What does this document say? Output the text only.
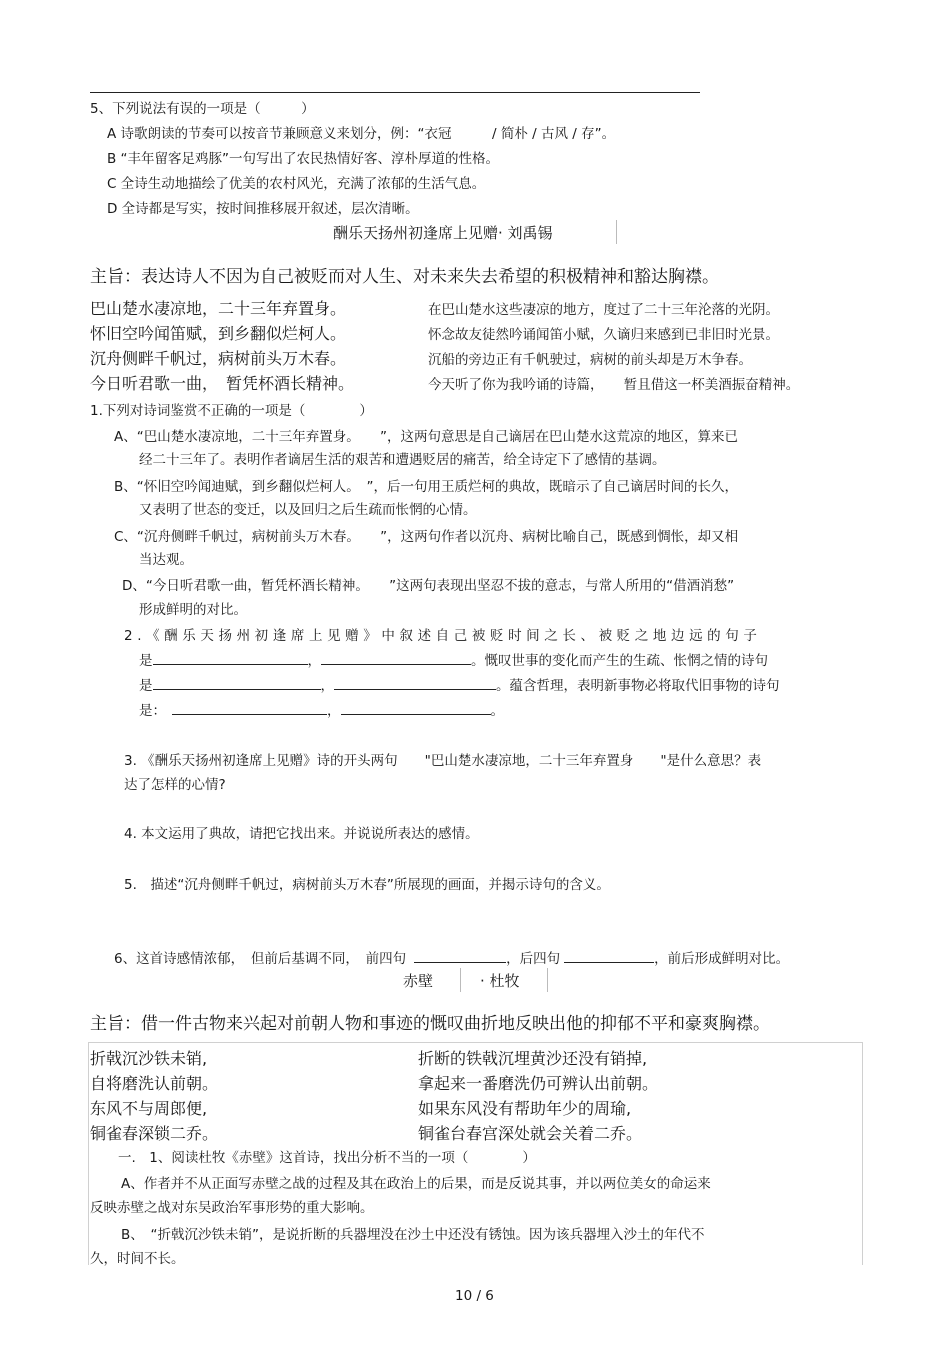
5、下列说法有误的一项是（　　　）
A 诗歌朗读的节奏可以按音节兼顾意义来划分，例：“衣冠　　　/ 简朴 / 古风 / 存”。
B “丰年留客足鸡豚”一句写出了农民热情好客、淳朴厚道的性格。
C 全诗生动地描绘了优美的农村风光，充满了浓郁的生活气息。
D 全诗都是写实，按时间推移展开叙述，层次清晰。
酬乐天扬州初逢席上见赠· 刘禹锡
主旨：表达诗人不因为自己被贬而对人生、对未来失去希望的积极精神和豁达胸襟。
巴山楚水凄凉地，二十三年弃置身。	在巴山楚水这些凄凉的地方，度过了二十三年沦落的光阴。
怀旧空吟闻笛赋，到乡翻似烂柯人。	怀念故友徒然吟诵闻笛小赋，久谪归来感到已非旧时光景。
沉舟侧畔千帆过，病树前头万木春。	沉船的旁边正有千帆驶过，病树的前头却是万木争春。
今日听君歌一曲，　暂凭杯酒长精神。	今天听了你为我吟诵的诗篇，　　暂且借这一杯美酒振奋精神。
1.下列对诗词鉴赏不正确的一项是（　　　　）
A、“巴山楚水凄凉地，二十三年弃置身。　　”，这两句意思是自己谪居在巴山楚水这荒凉的地区，算来已
经二十三年了。表明作者谪居生活的艰苦和遭遇贬居的痛苦，给全诗定下了感情的基调。
B、“怀旧空吟闻迪赋，到乡翻似烂柯人。　”，后一句用王质烂柯的典故，既暗示了自己谪居时间的长久，
又表明了世态的变迁，以及回归之后生疏而怅惘的心情。
C、“沉舟侧畔千帆过，病树前头万木春。　　”，这两句作者以沉舟、病树比喻自己，既感到惆怅，却又相
当达观。
D、“今日听君歌一曲，暂凭杯酒长精神。　　”这两句表现出坚忍不拔的意志，与常人所用的“借酒消愁”
形成鲜明的对比。
2.《酬乐天扬州初逢席上见赠》中叙述自己被贬时间之长、被贬之地边远的句子
是	，	。慨叹世事的变化而产生的生疏、怅惘之情的诗句
是	，	。蕴含哲理，表明新事物必将取代旧事物的诗句
是：	，	。
3. 《酬乐天扬州初逢席上见赠》诗的开头两句　　"巴山楚水凄凉地，二十三年弃置身　　"是什么意思？表
达了怎样的心情?
4. 本文运用了典故，请把它找出来。并说说所表达的感情。
5.　描述“沉舟侧畔千帆过，病树前头万木春”所展现的画面，并揭示诗句的含义。
6、这首诗感情浓郁，　但前后基调不同，　前四句	，后四句	，前后形成鲜明对比。
赤壁	· 杜牧
主旨：借一件古物来兴起对前朝人物和事迹的慨叹曲折地反映出他的抑郁不平和豪爽胸襟。
折戟沉沙铁未销,	折断的铁戟沉埋黄沙还没有销掉,
自将磨洗认前朝。	拿起来一番磨洗仍可辨认出前朝。
东风不与周郎便,	如果东风没有帮助年少的周瑜,
铜雀春深锁二乔。	铜雀台春宫深处就会关着二乔。
一.　1、阅读杜牧《赤壁》这首诗，找出分析不当的一项（　　　　）
A、作者并不从正面写赤壁之战的过程及其在政治上的后果，而是反说其事，并以两位美女的命运来
反映赤壁之战对东吴政治军事形势的重大影响。
B、　“折戟沉沙铁未销”，是说折断的兵器埋没在沙土中还没有锈蚀。因为该兵器埋入沙土的年代不
久，时间不长。
10 / 6
